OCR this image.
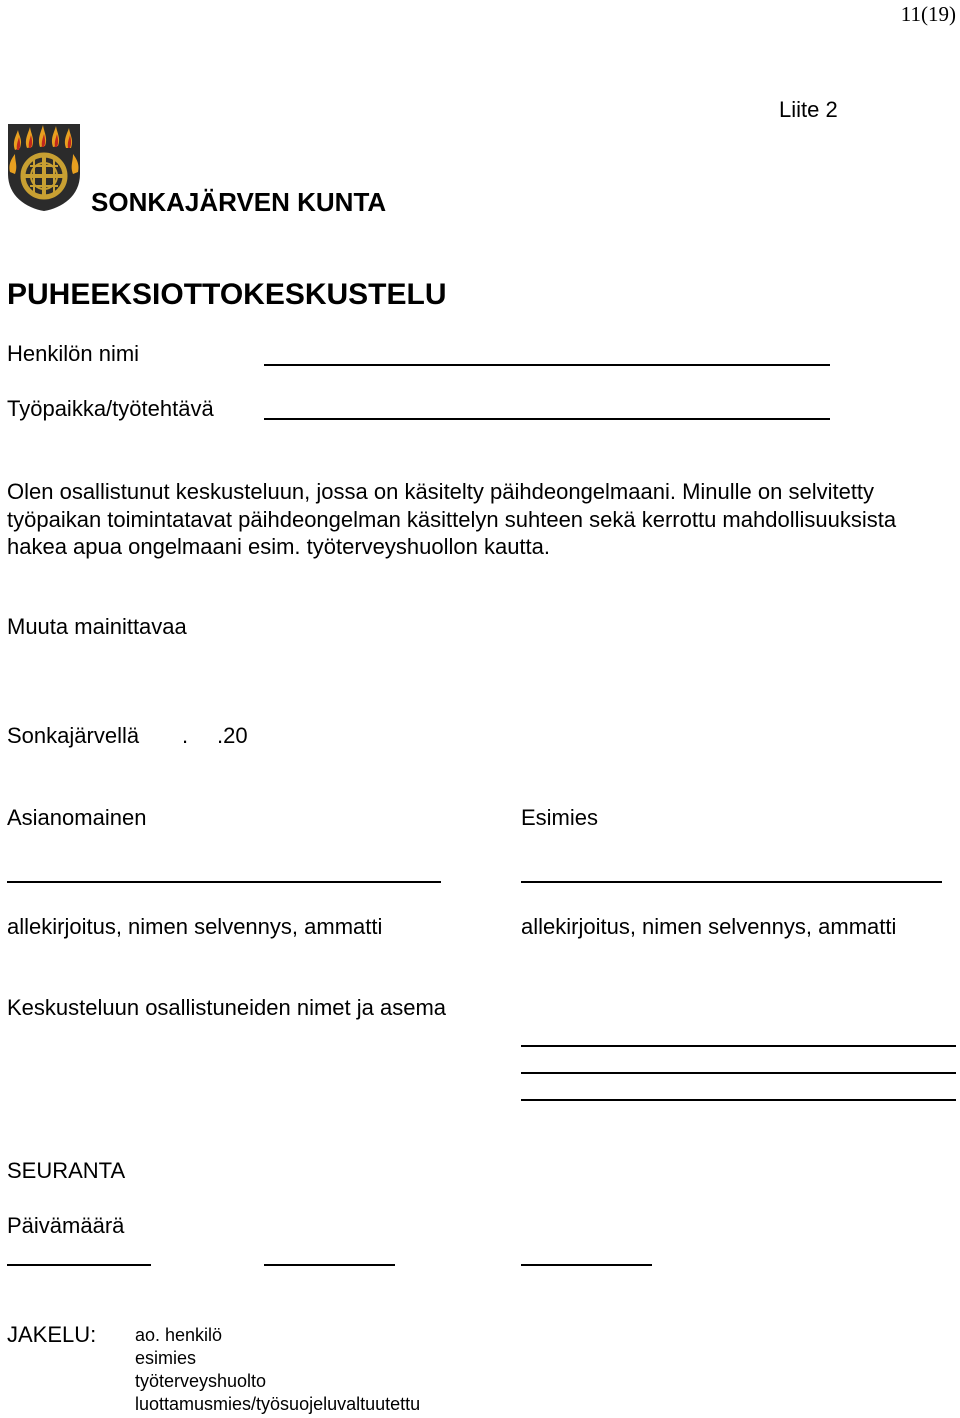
11(19)
Liite 2
SONKAJÄRVEN KUNTA
PUHEEKSIOTTOKESKUSTELU
Henkilön nimi
Työpaikka/työtehtävä
Olen osallistunut keskusteluun, jossa on käsitelty päihdeongelmaani. Minulle on selvitetty työpaikan toimintatavat päihdeongelman käsittelyn suhteen sekä kerrottu mahdollisuuksista hakea apua ongelmaani esim. työterveyshuollon kautta.
Muuta mainittavaa
Sonkajärvellä . .20
Asianomainen	Esimies
allekirjoitus, nimen selvennys, ammatti	allekirjoitus, nimen selvennys, ammatti
Keskusteluun osallistuneiden nimet ja asema
SEURANTA
Päivämäärä
JAKELU: ao. henkilö
esimies
työterveyshuolto
luottamusmies/työsuojeluvaltuutettu
